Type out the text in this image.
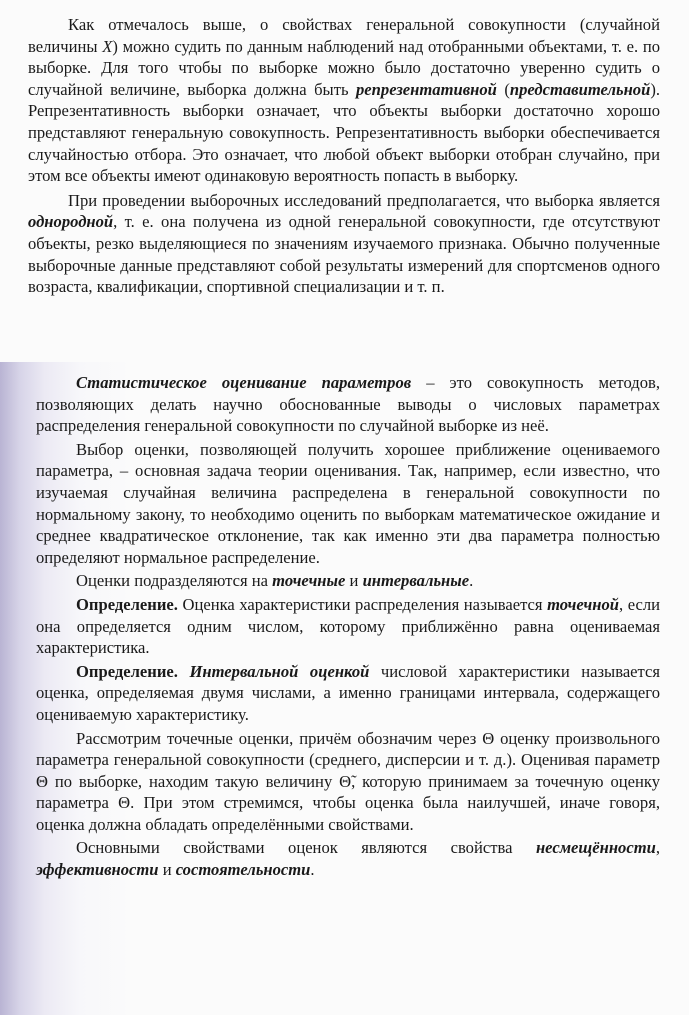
Как отмечалось выше, о свойствах генеральной совокупности (случайной величины X) можно судить по данным наблюдений над отобранными объектами, т. е. по выборке. Для того чтобы по выборке можно было достаточно уверенно судить о случайной величине, выборка должна быть репрезентативной (представительной). Репрезентативность выборки означает, что объекты выборки достаточно хорошо представляют генеральную совокупность. Репрезентативность выборки обеспечивается случайностью отбора. Это означает, что любой объект выборки отобран случайно, при этом все объекты имеют одинаковую вероятность попасть в выборку.

При проведении выборочных исследований предполагается, что выборка является однородной, т. е. она получена из одной генеральной совокупности, где отсутствуют объекты, резко выделяющиеся по значениям изучаемого признака. Обычно полученные выборочные данные представляют собой результаты измерений для спортсменов одного возраста, квалификации, спортивной специализации и т. п.

Статистическое оценивание параметров – это совокупность методов, позволяющих делать научно обоснованные выводы о числовых параметрах распределения генеральной совокупности по случайной выборке из неё.

Выбор оценки, позволяющей получить хорошее приближение оцениваемого параметра, – основная задача теории оценивания. Так, например, если известно, что изучаемая случайная величина распределена в генеральной совокупности по нормальному закону, то необходимо оценить по выборкам математическое ожидание и среднее квадратическое отклонение, так как именно эти два параметра полностью определяют нормальное распределение.

Оценки подразделяются на точечные и интервальные.

Определение. Оценка характеристики распределения называется точечной, если она определяется одним числом, которому приближённо равна оцениваемая характеристика.

Определение. Интервальной оценкой числовой характеристики называется оценка, определяемая двумя числами, а именно границами интервала, содержащего оцениваемую характеристику.

Рассмотрим точечные оценки, причём обозначим через Θ оценку произвольного параметра генеральной совокупности (среднего, дисперсии и т. д.). Оценивая параметр Θ по выборке, находим такую величину Θ̃, которую принимаем за точечную оценку параметра Θ. При этом стремимся, чтобы оценка была наилучшей, иначе говоря, оценка должна обладать определёнными свойствами.

Основными свойствами оценок являются свойства несмещённости, эффективности и состоятельности.
